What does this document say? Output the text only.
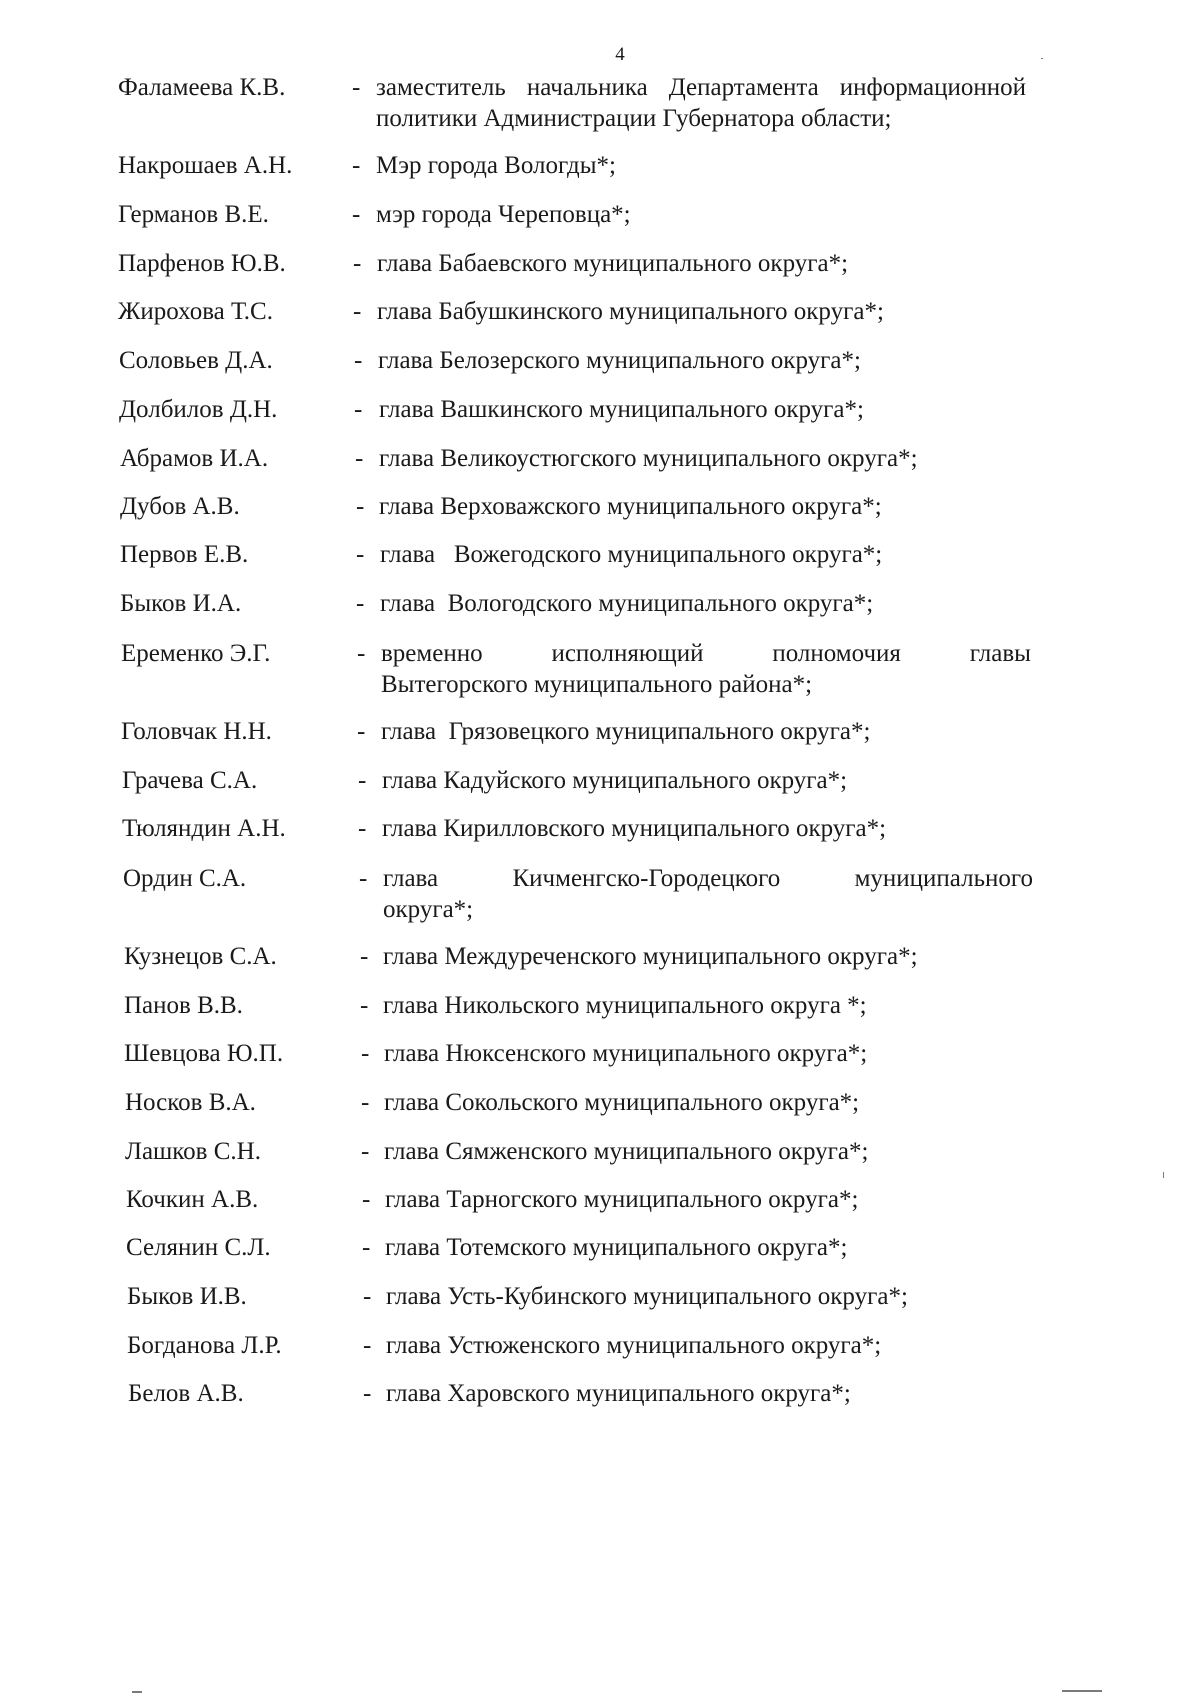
4
Фаламеева К.В.	- заместитель начальника Департамента информационной политики Администрации Губернатора области;
Накрошаев А.Н. - Мэр города Вологды*;
Германов В.Е.	- мэр города Череповца*;
Парфенов Ю.В.	- глава Бабаевского муниципального округа*;
Жирохова Т.С.	- глава Бабушкинского муниципального округа*;
Соловьев Д.А.	- глава Белозерского муниципального округа*;
Долбилов Д.Н.	- глава Вашкинского муниципального округа*;
Абрамов И.А.	- глава Великоустюгского муниципального округа*;
Дубов А.В.	- глава Верховажского муниципального округа*;
Первов Е.В.	- глава   Вожегодского муниципального округа*;
Быков И.А.	- глава  Вологодского муниципального округа*;
Еременко Э.Г.	- временно	исполняющий	полномочия	главы
Вытегорского муниципального района*;
Головчак Н.Н.	- глава  Грязовецкого муниципального округа*;
Грачева С.А.	- глава Кадуйского муниципального округа*;
Тюляндин А.Н.	- глава Кирилловского муниципального округа*;
Ордин С.А.	- глава	Кичменгско-Городецкого	муниципального
округа*;
Кузнецов С.А.	- глава Междуреченского муниципального округа*;
Панов В.В.	- глава Никольского муниципального округа *;
Шевцова Ю.П.	- глава Нюксенского муниципального округа*;
Носков В.А.	- глава Сокольского муниципального округа*;
Лашков С.Н.	- глава Сямженского муниципального округа*;
Кочкин А.В.	- глава Тарногского муниципального округа*;
Селянин С.Л.	- глава Тотемского муниципального округа*;
Быков И.В.	- глава Усть-Кубинского муниципального округа*;
Богданова Л.Р.	- глава Устюженского муниципального округа*;
Белов А.В.	- глава Харовского муниципального округа*;
